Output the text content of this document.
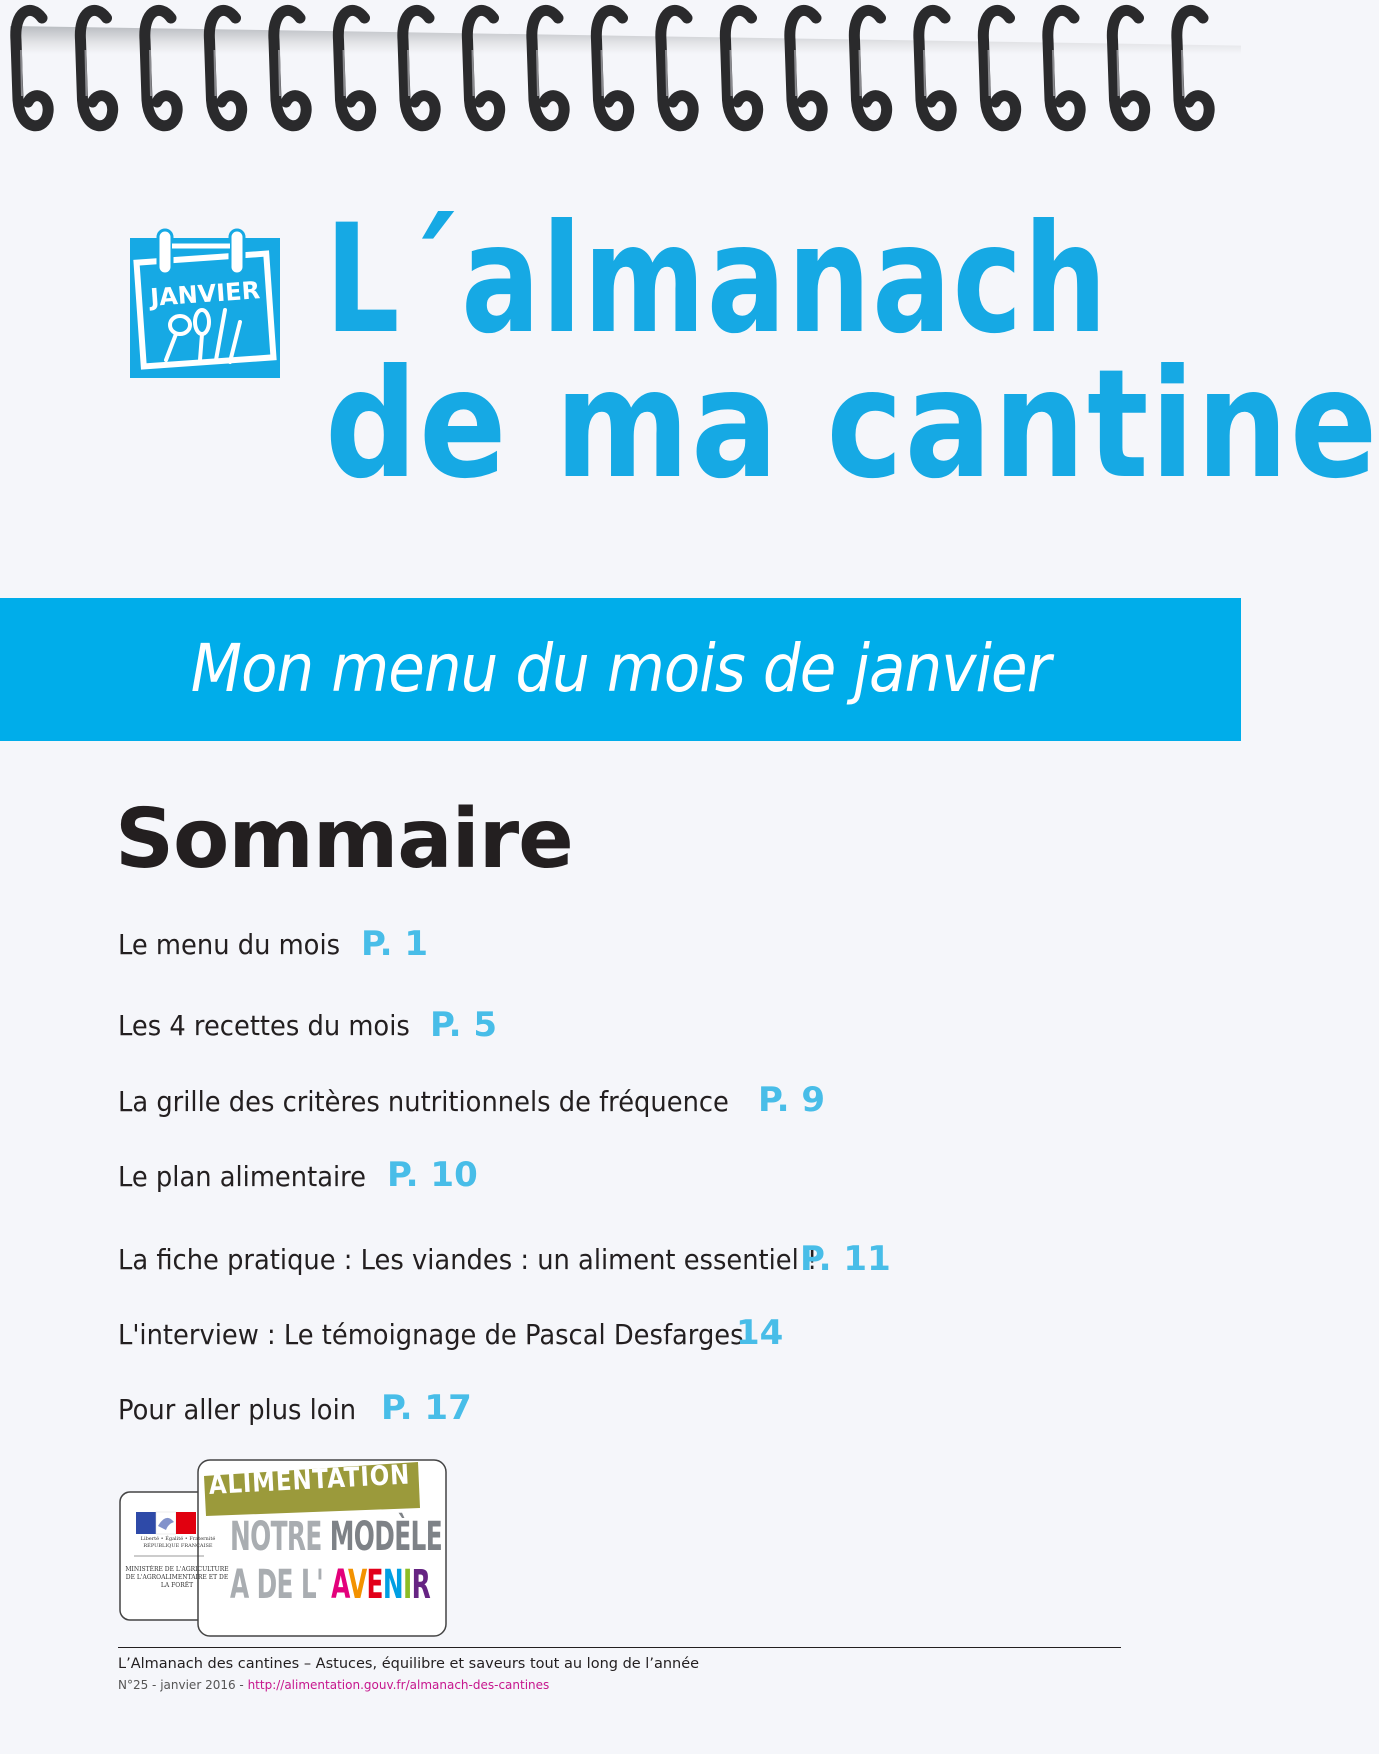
JANVIER L´almanach
de ma cantine
Mon menu du mois de janvier
Sommaire
Le menu du mois P. 1
Les 4 recettes du mois P. 5
La grille des critères nutritionnels de fréquence P. 9
Le plan alimentaire P. 10
La fiche pratique : Les viandes : un aliment essentiel !
P. 11
L'interview : Le témoignage de Pascal Desfarges
14
Pour aller plus loin P. 17
Liberté • Égalité • Fraternité RÉPUBLIQUE FRANÇAISE
MINISTÈRE DE L'AGRICULTURE DE L'AGROALIMENTAIRE ET DE LA FORÊT
ALIMENTATION
NOTRE MODÈLE
A DE L' AVENIR
L’Almanach des cantines – Astuces, équilibre et saveurs tout au long de l’année
N°25 - janvier 2016 - http://alimentation.gouv.fr/almanach-des-cantines
